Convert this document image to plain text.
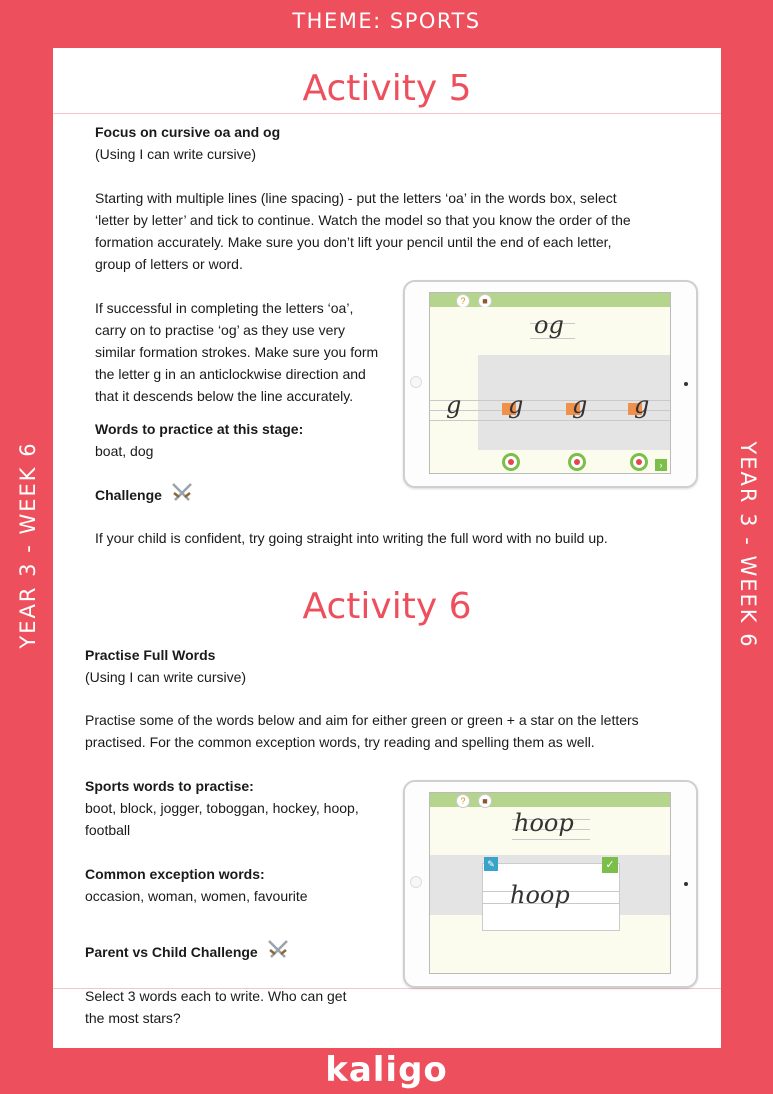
THEME: SPORTS
YEAR 3 - WEEK 6	YEAR 3 - WEEK 6
Activity 5
Focus on cursive oa and og
(Using I can write cursive)
Starting with multiple lines (line spacing) - put the letters ‘oa’ in the words box, select
‘letter by letter’ and tick to continue. Watch the model so that you know the order of the
formation accurately. Make sure you don’t lift your pencil until the end of each letter,
group of letters or word.
If successful in completing the letters ‘oa’,
carry on to practise ‘og’ as they use very
similar formation strokes. Make sure you form
the letter g in an anticlockwise direction and
that it descends below the line accurately.
Words to practice at this stage:
boat, dog
Challenge
If your child is confident, try going straight into writing the full word with no build up.
?	■
og
g g g g
›
Activity 6
Practise Full Words
(Using I can write cursive)
Practise some of the words below and aim for either green or green + a star on the letters
practised. For the common exception words, try reading and spelling them as well.
Sports words to practise:
boot, block, jogger, toboggan, hockey, hoop,
football
Common exception words:
occasion, woman, women, favourite
Parent vs Child Challenge
Select 3 words each to write. Who can get
the most stars?
?	■
hoop
hoop
✎	✓
kaligo
